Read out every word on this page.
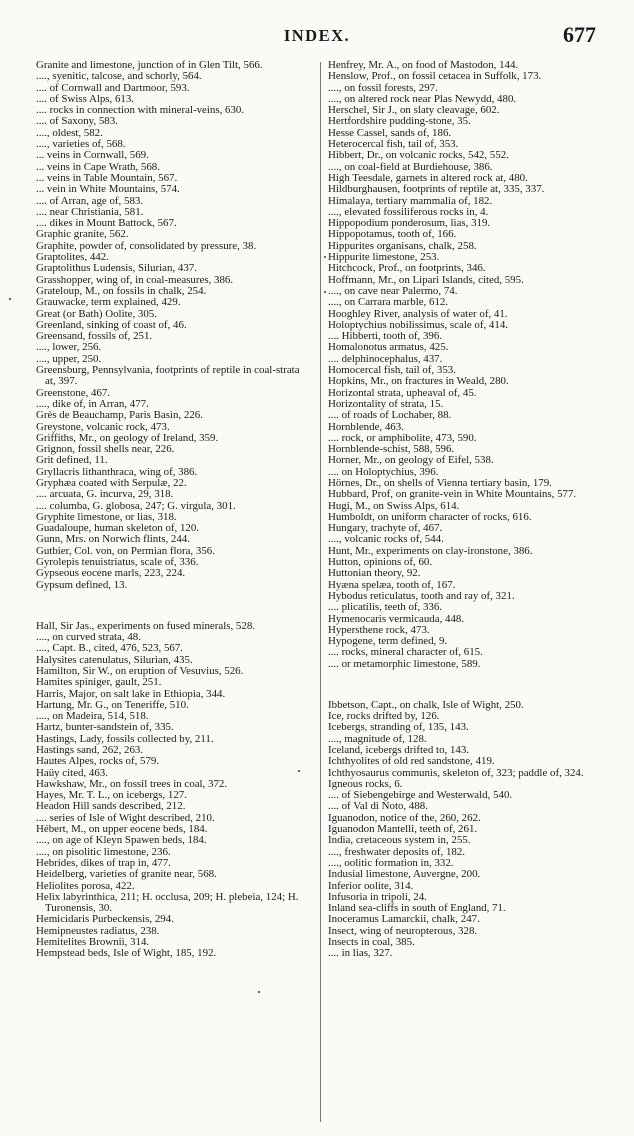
INDEX.	677

Granite and limestone, junction of in Glen Tilt, 566.

...., syenitic, talcose, and schorly, 564.

.... of Cornwall and Dartmoor, 593.

.... of Swiss Alps, 613.

.... rocks in connection with mineral-veins, 630.

.... of Saxony, 583.

...., oldest, 582.

...., varieties of, 568.

... veins in Cornwall, 569.

... veins in Cape Wrath, 568.

... veins in Table Mountain, 567.

... vein in White Mountains, 574.

.... of Arran, age of, 583.

.... near Christiania, 581.

.... dikes in Mount Battock, 567.

Graphic granite, 562.

Graphite, powder of, consolidated by pressure, 38.

Graptolites, 442.

Graptolithus Ludensis, Silurian, 437.

Grasshopper, wing of, in coal-measures, 386.

Grateloup, M., on fossils in chalk, 254.

Grauwacke, term explained, 429.

Great (or Bath) Oolite, 305.

Greenland, sinking of coast of, 46.

Greensand, fossils of, 251.

...., lower, 256.

...., upper, 250.

Greensburg, Pennsylvania, footprints of reptile in coal-strata at, 397.

Greenstone, 467.

...., dike of, in Arran, 477.

Grès de Beauchamp, Paris Basin, 226.

Greystone, volcanic rock, 473.

Griffiths, Mr., on geology of Ireland, 359.

Grignon, fossil shells near, 226.

Grit defined, 11.

Gryllacris lithanthraca, wing of, 386.

Gryphæa coated with Serpulæ, 22.

.... arcuata, G. incurva, 29, 318.

.... columba, G. globosa, 247; G. virgula, 301.

Gryphite limestone, or lias, 318.

Guadaloupe, human skeleton of, 120.

Gunn, Mrs. on Norwich flints, 244.

Gutbier, Col. von, on Permian flora, 356.

Gyrolepis tenuistriatus, scale of, 336.

Gypseous eocene marls, 223, 224.

Gypsum defined, 13.

Hall, Sir Jas., experiments on fused minerals, 528.

...., on curved strata, 48.

...., Capt. B., cited, 476, 523, 567.

Halysites catenulatus, Silurian, 435.

Hamilton, Sir W., on eruption of Vesuvius, 526.

Hamites spiniger, gault, 251.

Harris, Major, on salt lake in Ethiopia, 344.

Hartung, Mr. G., on Teneriffe, 510.

...., on Madeira, 514, 518.

Hartz, bunter-sandstein of, 335.

Hastings, Lady, fossils collected by, 211.

Hastings sand, 262, 263.

Hautes Alpes, rocks of, 579.

Haüy cited, 463.

Hawkshaw, Mr., on fossil trees in coal, 372.

Hayes, Mr. T. L., on icebergs, 127.

Headon Hill sands described, 212.

.... series of Isle of Wight described, 210.

Hébert, M., on upper eocene beds, 184.

...., on age of Kleyn Spawen beds, 184.

...., on pisolitic limestone, 236.

Hebrides, dikes of trap in, 477.

Heidelberg, varieties of granite near, 568.

Heliolites porosa, 422.

Helix labyrinthica, 211; H. occlusa, 209; H. plebeia, 124; H. Turonensis, 30.

Hemicidaris Purbeckensis, 294.

Hemipneustes radiatus, 238.

Hemitelites Brownii, 314.

Hempstead beds, Isle of Wight, 185, 192.

Henfrey, Mr. A., on food of Mastodon, 144.

Henslow, Prof., on fossil cetacea in Suffolk, 173.

...., on fossil forests, 297.

...., on altered rock near Plas Newydd, 480.

Herschel, Sir J., on slaty cleavage, 602.

Hertfordshire pudding-stone, 35.

Hesse Cassel, sands of, 186.

Heterocercal fish, tail of, 353.

Hibbert, Dr., on volcanic rocks, 542, 552.

...., on coal-field at Burdiehouse, 386.

High Teesdale, garnets in altered rock at, 480.

Hildburghausen, footprints of reptile at, 335, 337.

Himalaya, tertiary mammalia of, 182.

...., elevated fossiliferous rocks in, 4.

Hippopodium ponderosum, lias, 319.

Hippopotamus, tooth of, 166.

Hippurites organisans, chalk, 258.

Hippurite limestone, 253.

Hitchcock, Prof., on footprints, 346.

Hoffmann, Mr., on Lipari Islands, cited, 595.

...., on cave near Palermo, 74.

...., on Carrara marble, 612.

Hooghley River, analysis of water of, 41.

Holoptychius nobilissimus, scale of, 414.

.... Hibberti, tooth of, 396.

Homalonotus armatus, 425.

.... delphinocephalus, 437.

Homocercal fish, tail of, 353.

Hopkins, Mr., on fractures in Weald, 280.

Horizontal strata, upheaval of, 45.

Horizontality of strata, 15.

.... of roads of Lochaber, 88.

Hornblende, 463.

.... rock, or amphibolite, 473, 590.

Hornblende-schist, 588, 596.

Horner, Mr., on geology of Eifel, 538.

.... on Holoptychius, 396.

Hörnes, Dr., on shells of Vienna tertiary basin, 179.

Hubbard, Prof, on granite-vein in White Mountains, 577.

Hugi, M., on Swiss Alps, 614.

Humboldt, on uniform character of rocks, 616.

Hungary, trachyte of, 467.

...., volcanic rocks of, 544.

Hunt, Mr., experiments on clay-ironstone, 386.

Hutton, opinions of, 60.

Huttonian theory, 92.

Hyæna spelæa, tooth of, 167.

Hybodus reticulatus, tooth and ray of, 321.

.... plicatilis, teeth of, 336.

Hymenocaris vermicauda, 448.

Hypersthene rock, 473.

Hypogene, term defined, 9.

.... rocks, mineral character of, 615.

.... or metamorphic limestone, 589.

Ibbetson, Capt., on chalk, Isle of Wight, 250.

Ice, rocks drifted by, 126.

Icebergs, stranding of, 135, 143.

...., magnitude of, 128.

Iceland, icebergs drifted to, 143.

Ichthyolites of old red sandstone, 419.

Ichthyosaurus communis, skeleton of, 323; paddle of, 324.

Igneous rocks, 6.

.... of Siebengebirge and Westerwald, 540.

.... of Val di Noto, 488.

Iguanodon, notice of the, 260, 262.

Iguanodon Mantelli, teeth of, 261.

India, cretaceous system in, 255.

...., freshwater deposits of, 182.

...., oolitic formation in, 332.

Indusial limestone, Auvergne, 200.

Inferior oolite, 314.

Infusoria in tripoli, 24.

Inland sea-cliffs in south of England, 71.

Inoceramus Lamarckii, chalk, 247.

Insect, wing of neuropterous, 328.

Insects in coal, 385.

.... in lias, 327.
